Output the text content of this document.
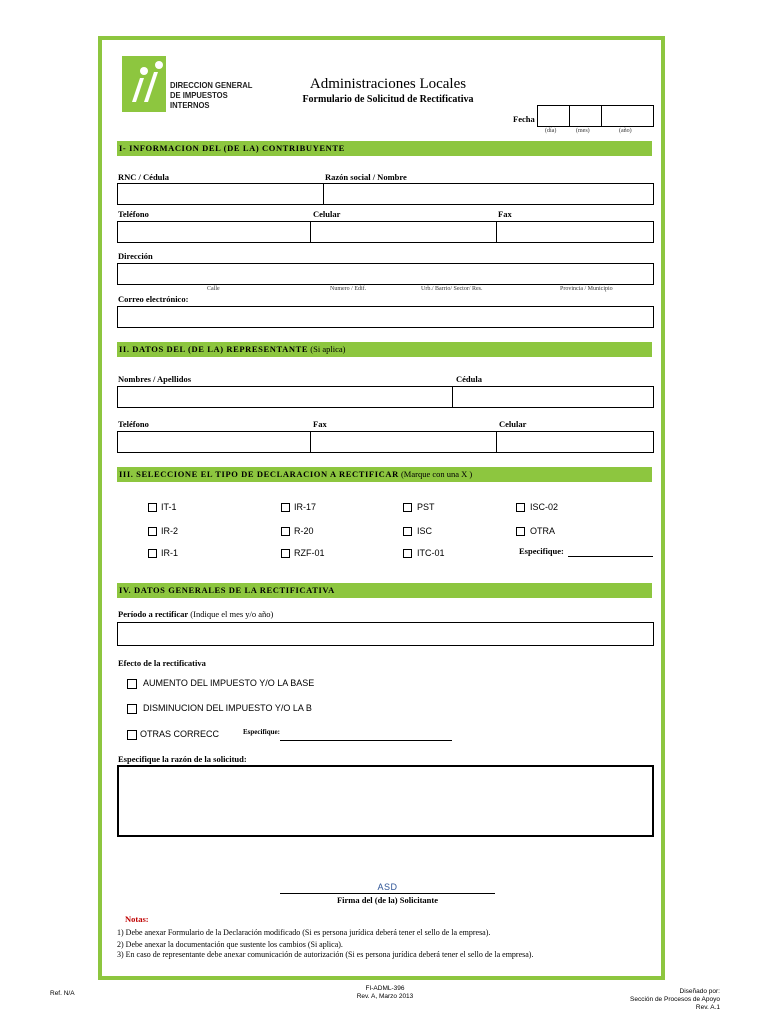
DIRECCION GENERAL
DE IMPUESTOS
INTERNOS
Administraciones Locales
Formulario de Solicitud de Rectificativa
Fecha
(día)	(mes)	(año)
I- INFORMACION DEL (DE LA) CONTRIBUYENTE
RNC / Cédula	Razón social / Nombre
Teléfono	Celular	Fax
Dirección
Calle	Numero / Edif.	Urb./ Barrio/ Sector/ Res.	Provincia / Municipio
Correo electrónico:
II. DATOS DEL (DE LA) REPRESENTANTE (Si aplica)
Nombres / Apellidos	Cédula
Teléfono	Fax	Celular
III. SELECCIONE EL TIPO DE DECLARACION A RECTIFICAR (Marque con una X )
IT-1	IR-17	PST	ISC-02
IR-2	R-20	ISC	OTRA
IR-1	RZF-01	ITC-01	Especifique:
IV. DATOS GENERALES DE LA RECTIFICATIVA
Período a rectificar (Indique el mes y/o año)
Efecto de la rectificativa
AUMENTO DEL IMPUESTO Y/O LA BASE
DISMINUCION DEL IMPUESTO Y/O LA B
OTRAS CORRECC	Especifique:
Especifique la razón de la solicitud:
ASD
Firma del (de la) Solicitante
Notas:
1) Debe anexar Formulario de la Declaración modificado (Si es persona jurídica deberá tener el sello de la empresa).
2) Debe anexar la documentación que sustente los cambios (Si aplica).
3) En caso de representante debe anexar comunicación de autorización (Si es persona jurídica deberá tener el sello de la empresa).
Ref. N/A
FI-ADML-396
Rev. A, Marzo 2013
Diseñado por:
Sección de Procesos de Apoyo
Rev. A.1
